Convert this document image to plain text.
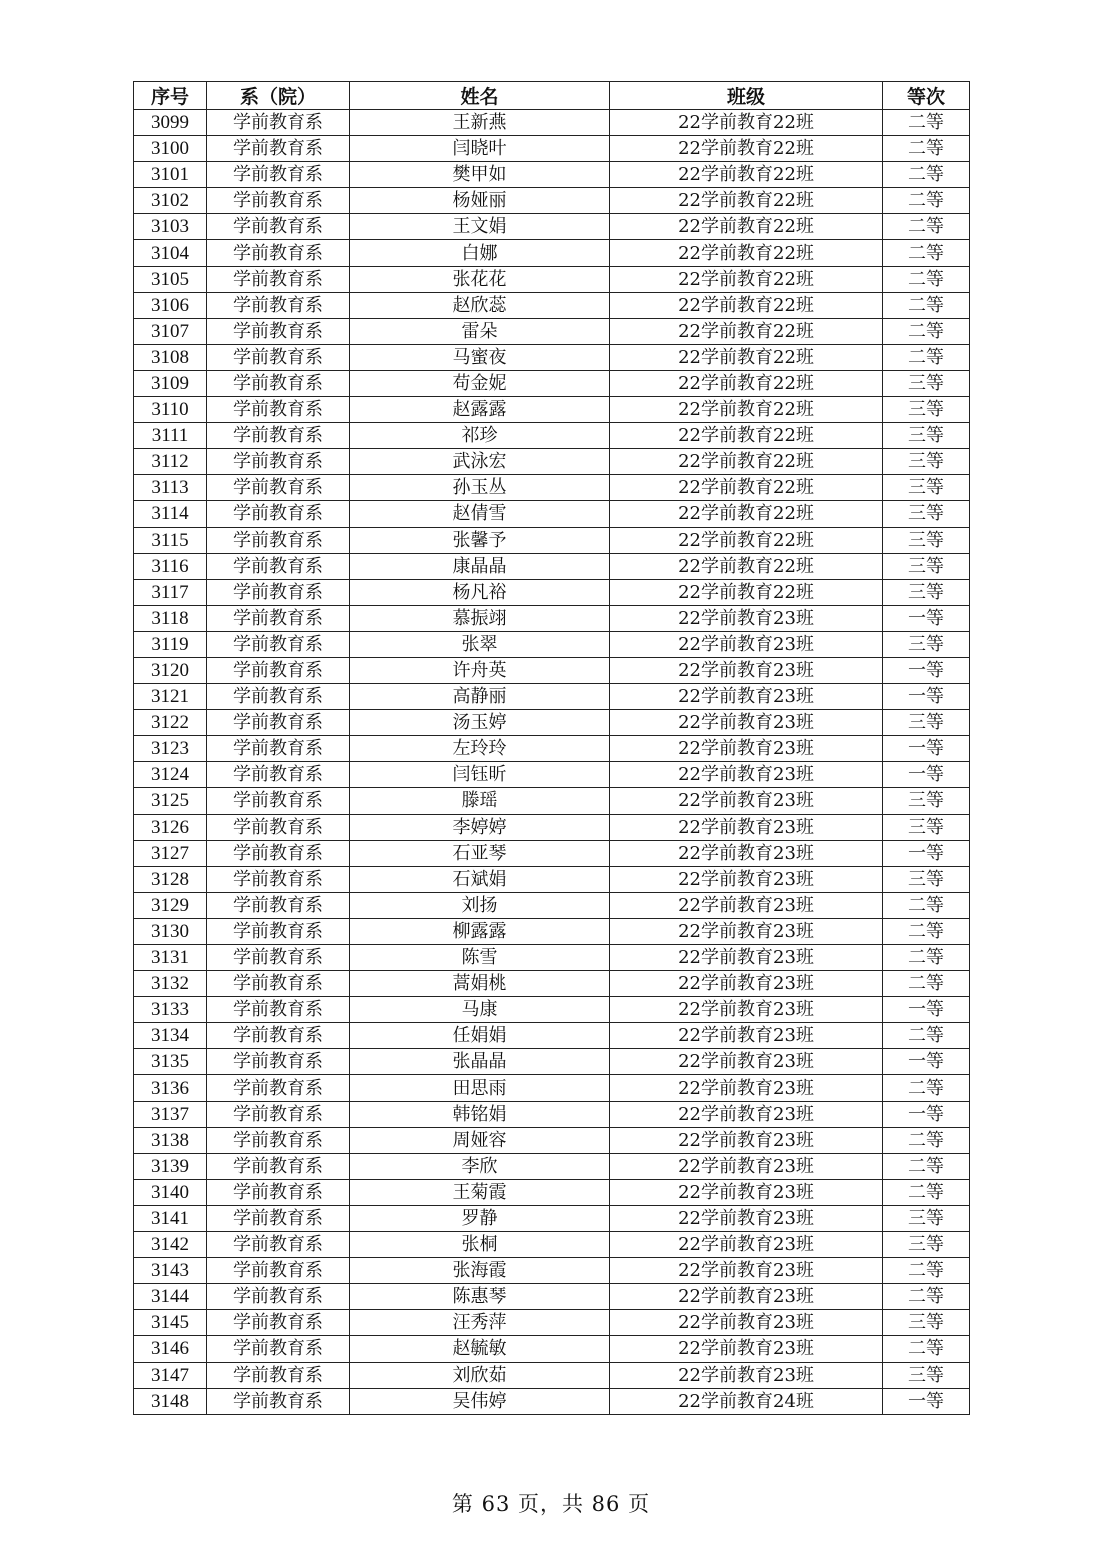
序号	系（院）	姓名	班级	等次
3099	学前教育系	王新燕	22学前教育22班	二等
3100	学前教育系	闫晓叶	22学前教育22班	二等
3101	学前教育系	樊甲如	22学前教育22班	二等
3102	学前教育系	杨娅丽	22学前教育22班	二等
3103	学前教育系	王文娟	22学前教育22班	二等
3104	学前教育系	白娜	22学前教育22班	二等
3105	学前教育系	张花花	22学前教育22班	二等
3106	学前教育系	赵欣蕊	22学前教育22班	二等
3107	学前教育系	雷朵	22学前教育22班	二等
3108	学前教育系	马蜜夜	22学前教育22班	二等
3109	学前教育系	苟金妮	22学前教育22班	三等
3110	学前教育系	赵露露	22学前教育22班	三等
3111	学前教育系	祁珍	22学前教育22班	三等
3112	学前教育系	武泳宏	22学前教育22班	三等
3113	学前教育系	孙玉丛	22学前教育22班	三等
3114	学前教育系	赵倩雪	22学前教育22班	三等
3115	学前教育系	张馨予	22学前教育22班	三等
3116	学前教育系	康晶晶	22学前教育22班	三等
3117	学前教育系	杨凡裕	22学前教育22班	三等
3118	学前教育系	慕振翊	22学前教育23班	一等
3119	学前教育系	张翠	22学前教育23班	三等
3120	学前教育系	许舟英	22学前教育23班	一等
3121	学前教育系	高静丽	22学前教育23班	一等
3122	学前教育系	汤玉婷	22学前教育23班	三等
3123	学前教育系	左玲玲	22学前教育23班	一等
3124	学前教育系	闫钰昕	22学前教育23班	一等
3125	学前教育系	滕瑶	22学前教育23班	三等
3126	学前教育系	李婷婷	22学前教育23班	三等
3127	学前教育系	石亚琴	22学前教育23班	一等
3128	学前教育系	石斌娟	22学前教育23班	三等
3129	学前教育系	刘扬	22学前教育23班	二等
3130	学前教育系	柳露露	22学前教育23班	二等
3131	学前教育系	陈雪	22学前教育23班	二等
3132	学前教育系	蒿娟桃	22学前教育23班	二等
3133	学前教育系	马康	22学前教育23班	一等
3134	学前教育系	任娟娟	22学前教育23班	二等
3135	学前教育系	张晶晶	22学前教育23班	一等
3136	学前教育系	田思雨	22学前教育23班	二等
3137	学前教育系	韩铭娟	22学前教育23班	一等
3138	学前教育系	周娅容	22学前教育23班	二等
3139	学前教育系	李欣	22学前教育23班	二等
3140	学前教育系	王菊霞	22学前教育23班	二等
3141	学前教育系	罗静	22学前教育23班	三等
3142	学前教育系	张桐	22学前教育23班	三等
3143	学前教育系	张海霞	22学前教育23班	二等
3144	学前教育系	陈惠琴	22学前教育23班	二等
3145	学前教育系	汪秀萍	22学前教育23班	三等
3146	学前教育系	赵毓敏	22学前教育23班	二等
3147	学前教育系	刘欣茹	22学前教育23班	三等
3148	学前教育系	吴伟婷	22学前教育24班	一等
第 63 页，共 86 页
